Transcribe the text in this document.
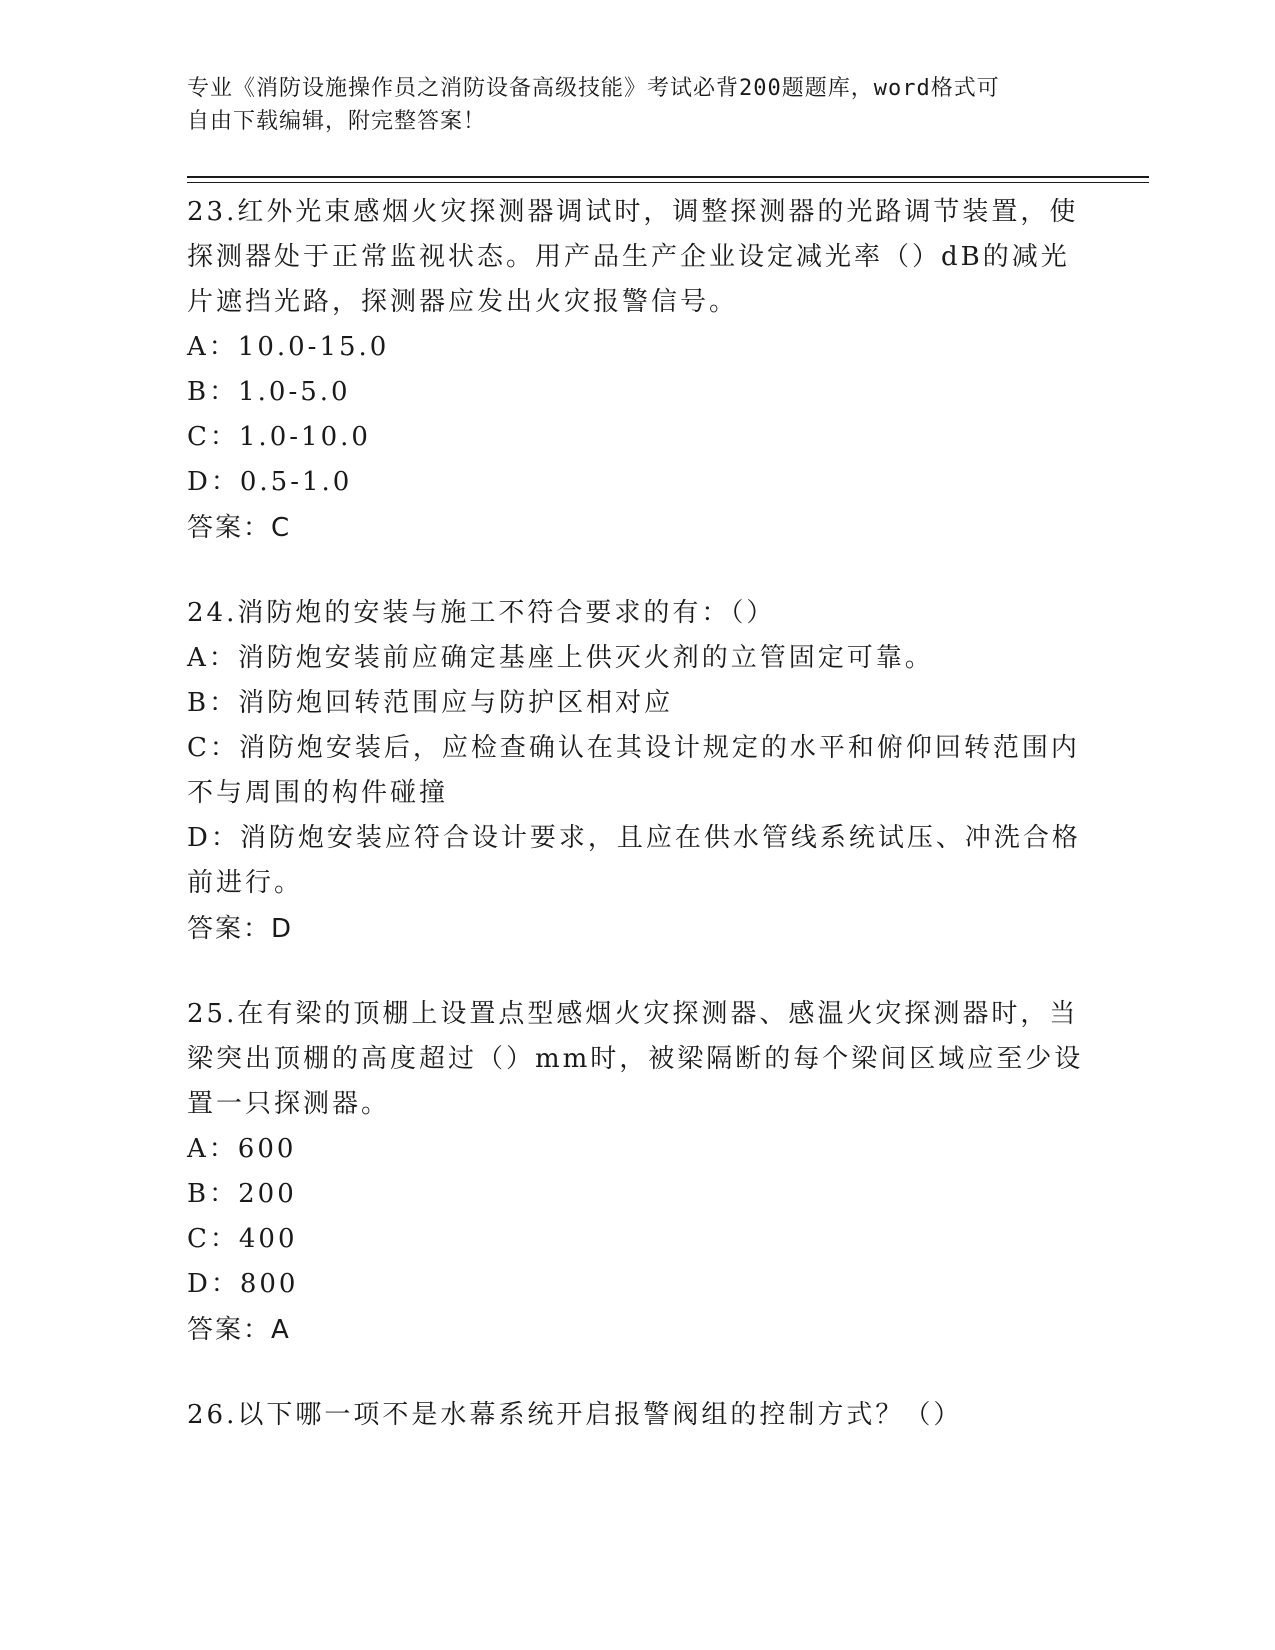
专业《消防设施操作员之消防设备高级技能》考试必背200题题库，word格式可
自由下载编辑，附完整答案！
23.红外光束感烟火灾探测器调试时，调整探测器的光路调节装置，使探测器处于正常监视状态。用产品生产企业设定减光率（）dB的减光片遮挡光路，探测器应发出火灾报警信号。
A：10.0-15.0
B：1.0-5.0
C：1.0-10.0
D：0.5-1.0
答案：C
24.消防炮的安装与施工不符合要求的有：（）
A：消防炮安装前应确定基座上供灭火剂的立管固定可靠。
B：消防炮回转范围应与防护区相对应
C：消防炮安装后，应检查确认在其设计规定的水平和俯仰回转范围内不与周围的构件碰撞
D：消防炮安装应符合设计要求，且应在供水管线系统试压、冲洗合格前进行。
答案：D
25.在有梁的顶棚上设置点型感烟火灾探测器、感温火灾探测器时，当梁突出顶棚的高度超过（）mm时，被梁隔断的每个梁间区域应至少设置一只探测器。
A：600
B：200
C：400
D：800
答案：A
26.以下哪一项不是水幕系统开启报警阀组的控制方式？（）
